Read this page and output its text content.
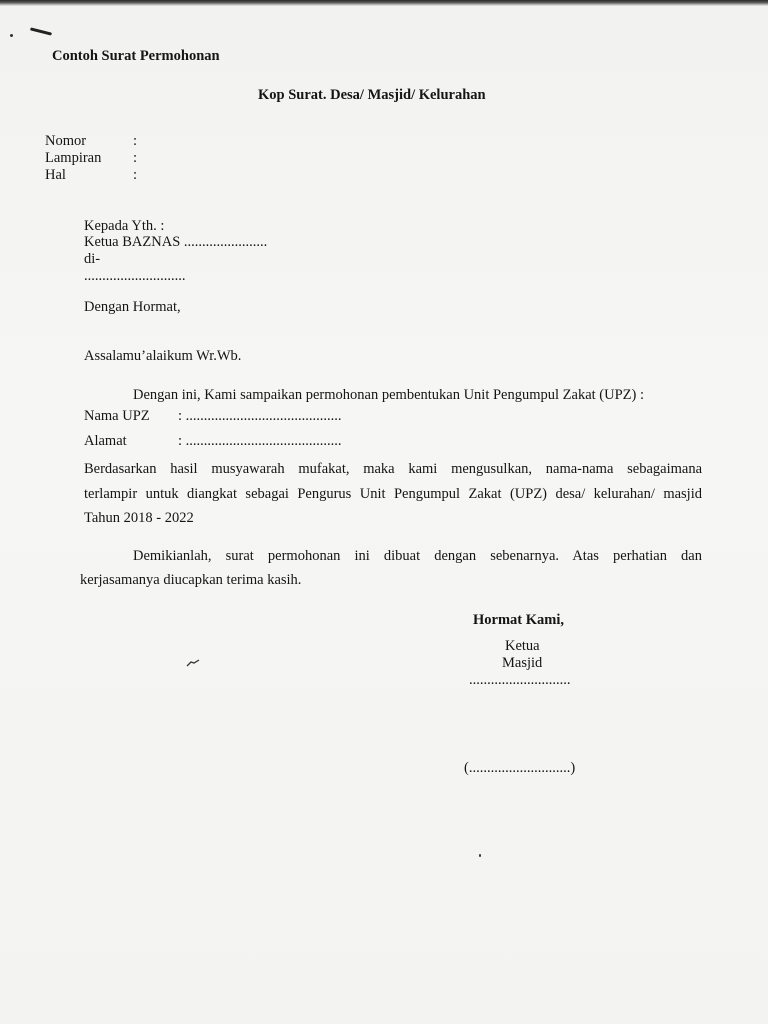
Contoh Surat Permohonan
Kop Surat. Desa/ Masjid/ Kelurahan
Nomor	:
Lampiran :
Hal	:
Kepada Yth. :
Ketua BAZNAS .......................
di-
............................
Dengan Hormat,
Assalamu’alaikum Wr.Wb.
Dengan ini, Kami sampaikan permohonan pembentukan Unit Pengumpul Zakat (UPZ) :
Nama UPZ : ...........................................
Alamat	: ...........................................
Berdasarkan hasil musyawarah mufakat, maka kami mengusulkan, nama-nama sebagaimana
terlampir untuk diangkat sebagai Pengurus Unit Pengumpul Zakat (UPZ) desa/ kelurahan/ masjid
Tahun 2018 - 2022
Demikianlah, surat permohonan ini dibuat dengan sebenarnya. Atas perhatian dan
kerjasamanya diucapkan terima kasih.
Hormat Kami,
Ketua
Masjid
............................
(............................)
